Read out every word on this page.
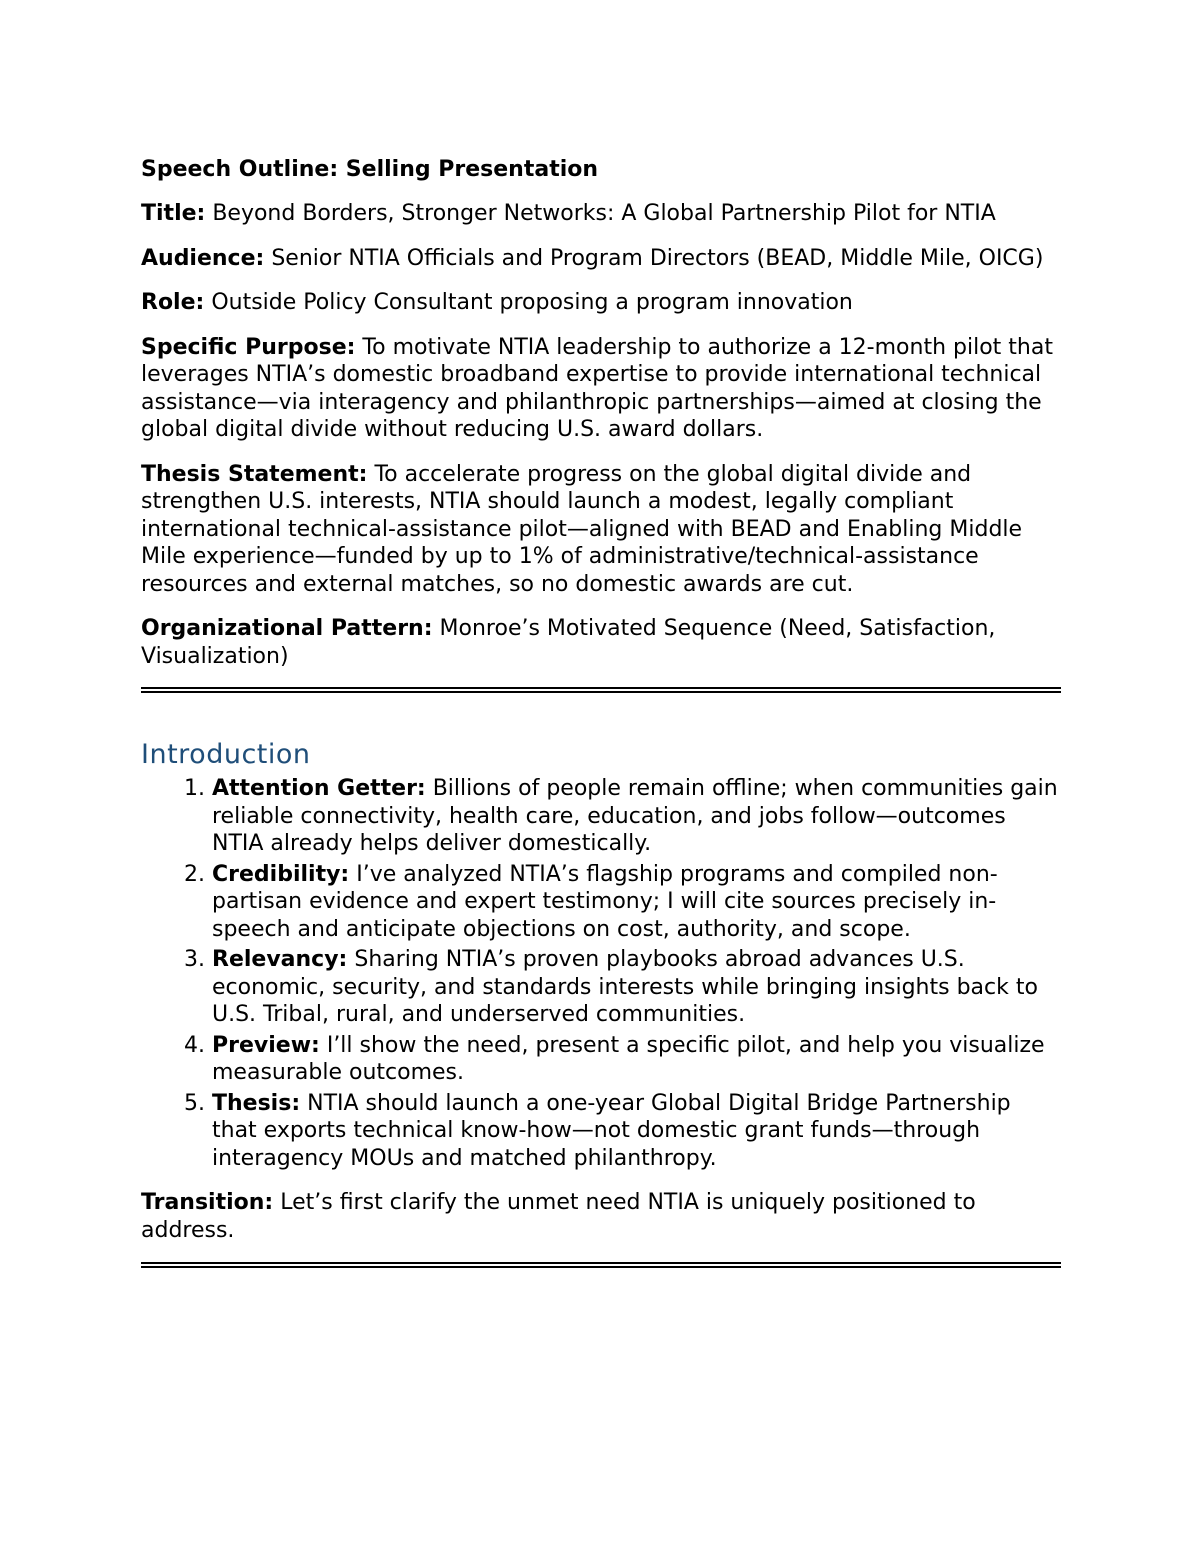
Speech Outline: Selling Presentation
Title: Beyond Borders, Stronger Networks: A Global Partnership Pilot for NTIA
Audience: Senior NTIA Officials and Program Directors (BEAD, Middle Mile, OICG)
Role: Outside Policy Consultant proposing a program innovation
Specific Purpose: To motivate NTIA leadership to authorize a 12-month pilot that leverages NTIA’s domestic broadband expertise to provide international technical assistance—via interagency and philanthropic partnerships—aimed at closing the global digital divide without reducing U.S. award dollars.
Thesis Statement: To accelerate progress on the global digital divide and strengthen U.S. interests, NTIA should launch a modest, legally compliant international technical-assistance pilot—aligned with BEAD and Enabling Middle Mile experience—funded by up to 1% of administrative/technical-assistance resources and external matches, so no domestic awards are cut.
Organizational Pattern: Monroe’s Motivated Sequence (Need, Satisfaction, Visualization)
Introduction
1. Attention Getter: Billions of people remain offline; when communities gain reliable connectivity, health care, education, and jobs follow—outcomes NTIA already helps deliver domestically.
2. Credibility: I’ve analyzed NTIA’s flagship programs and compiled non-partisan evidence and expert testimony; I will cite sources precisely in-speech and anticipate objections on cost, authority, and scope.
3. Relevancy: Sharing NTIA’s proven playbooks abroad advances U.S. economic, security, and standards interests while bringing insights back to U.S. Tribal, rural, and underserved communities.
4. Preview: I’ll show the need, present a specific pilot, and help you visualize measurable outcomes.
5. Thesis: NTIA should launch a one-year Global Digital Bridge Partnership that exports technical know-how—not domestic grant funds—through interagency MOUs and matched philanthropy.
Transition: Let’s first clarify the unmet need NTIA is uniquely positioned to address.
